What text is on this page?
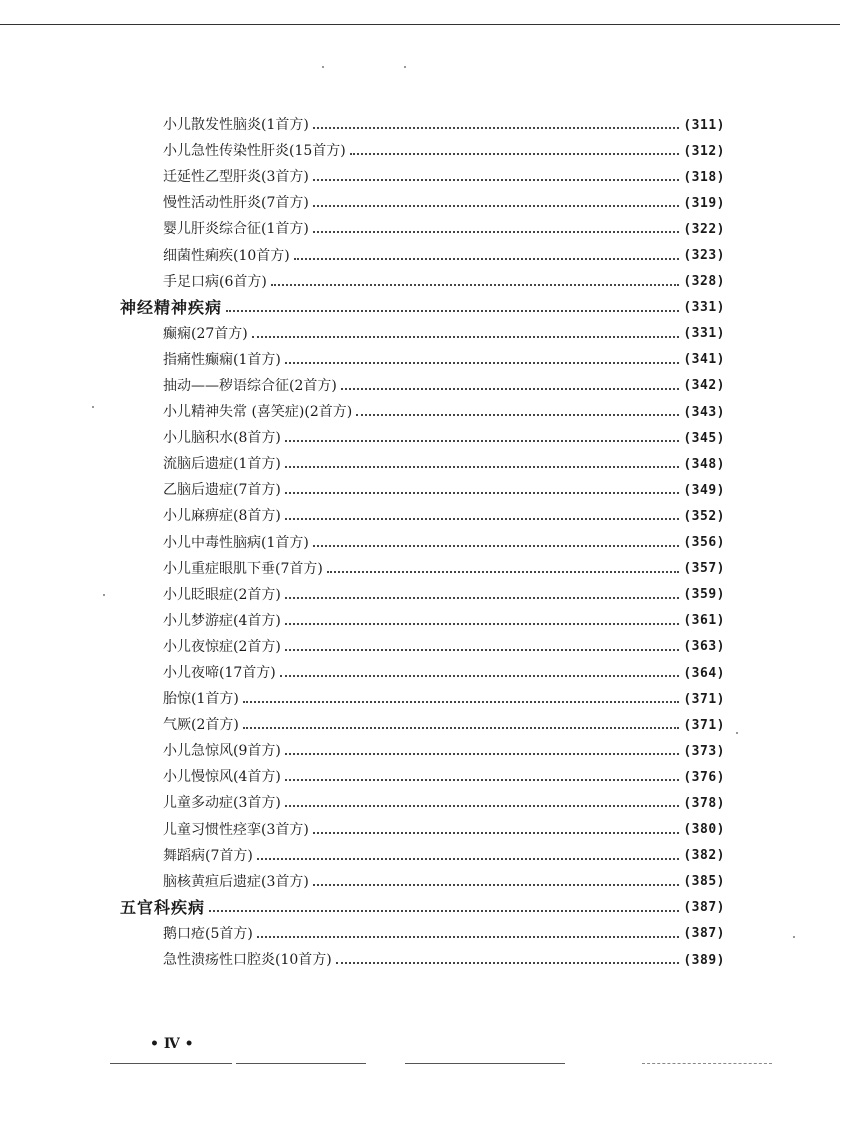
小儿散发性脑炎(1首方)	(311)
小儿急性传染性肝炎(15首方)	(312)
迁延性乙型肝炎(3首方)	(318)
慢性活动性肝炎(7首方)	(319)
婴儿肝炎综合征(1首方)	(322)
细菌性痢疾(10首方)	(323)
手足口病(6首方)	(328)
神经精神疾病	(331)
癫痫(27首方)	(331)
指痛性癫痫(1首方)	(341)
抽动——秽语综合征(2首方)	(342)
小儿精神失常 (喜笑症)(2首方)	(343)
小儿脑积水(8首方)	(345)
流脑后遗症(1首方)	(348)
乙脑后遗症(7首方)	(349)
小儿麻痹症(8首方)	(352)
小儿中毒性脑病(1首方)	(356)
小儿重症眼肌下垂(7首方)	(357)
小儿眨眼症(2首方)	(359)
小儿梦游症(4首方)	(361)
小儿夜惊症(2首方)	(363)
小儿夜啼(17首方)	(364)
胎惊(1首方)	(371)
气厥(2首方)	(371)
小儿急惊风(9首方)	(373)
小儿慢惊风(4首方)	(376)
儿童多动症(3首方)	(378)
儿童习惯性痉挛(3首方)	(380)
舞蹈病(7首方)	(382)
脑核黄疸后遗症(3首方)	(385)
五官科疾病	(387)
鹅口疮(5首方)	(387)
急性溃疡性口腔炎(10首方)	(389)
• Ⅳ •
